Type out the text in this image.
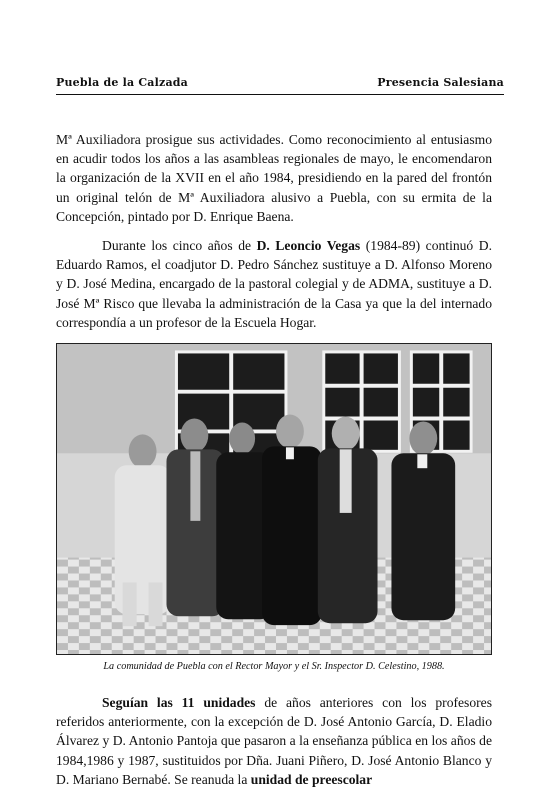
Puebla de la Calzada	Presencia Salesiana

Mª Auxiliadora prosigue sus actividades. Como reconocimiento al entusiasmo en acudir todos los años a las asambleas regionales de mayo, le encomendaron la organización de la XVII en el año 1984, presidiendo en la pared del frontón un original telón de Mª Auxiliadora alusivo a Puebla, con su ermita de la Concepción, pintado por D. Enrique Baena.

Durante los cinco años de D. Leoncio Vegas (1984-89) continuó D. Eduardo Ramos, el coadjutor D. Pedro Sánchez sustituye a D. Alfonso Moreno y D. José Medina, encargado de la pastoral colegial y de ADMA, sustituye a D. José Mª Risco que llevaba la administración de la Casa ya que la del internado correspondía a un profesor de la Escuela Hogar.

La comunidad de Puebla con el Rector Mayor y el Sr. Inspector D. Celestino, 1988.

Seguían las 11 unidades de años anteriores con los profesores referidos anteriormente, con la excepción de D. José Antonio García, D. Eladio Álvarez y D. Antonio Pantoja que pasaron a la enseñanza pública en los años de 1984,1986 y 1987, sustituidos por Dña. Juani Piñero, D. José Antonio Blanco y D. Mariano Bernabé. Se reanuda la unidad de preescolar
